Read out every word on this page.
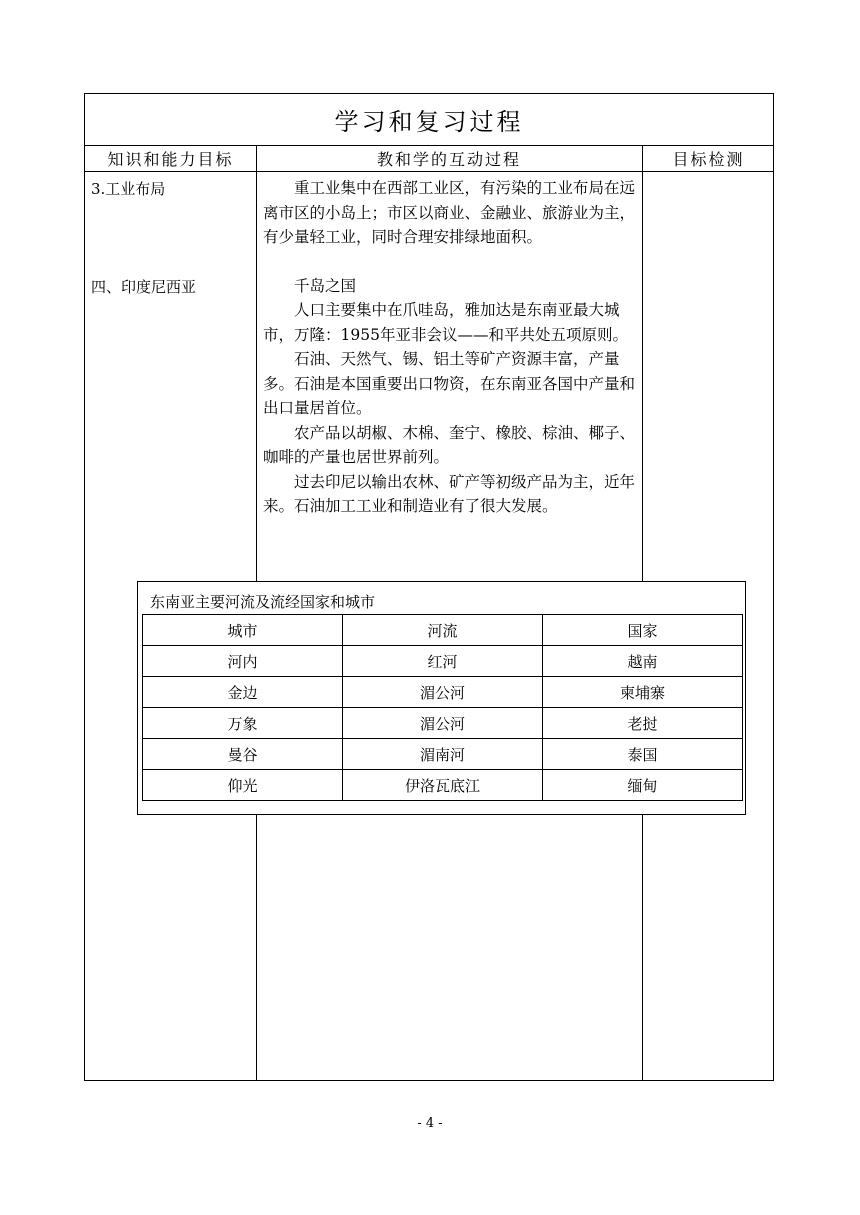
学习和复习过程
知识和能力目标	教和学的互动过程	目标检测
3.工业布局
四、印度尼西亚

重工业集中在西部工业区，有污染的工业布局在远离市区的小岛上；市区以商业、金融业、旅游业为主，有少量轻工业，同时合理安排绿地面积。

千岛之国

人口主要集中在爪哇岛，雅加达是东南亚最大城市，万隆：1955年亚非会议——和平共处五项原则。

石油、天然气、锡、铝土等矿产资源丰富，产量多。石油是本国重要出口物资，在东南亚各国中产量和出口量居首位。

农产品以胡椒、木棉、奎宁、橡胶、棕油、椰子、咖啡的产量也居世界前列。

过去印尼以输出农林、矿产等初级产品为主，近年来。石油加工工业和制造业有了很大发展。

东南亚主要河流及流经国家和城市
城市	河流	国家
河内	红河	越南
金边	湄公河	柬埔寨
万象	湄公河	老挝
曼谷	湄南河	泰国
仰光	伊洛瓦底江	缅甸
- 4 -
